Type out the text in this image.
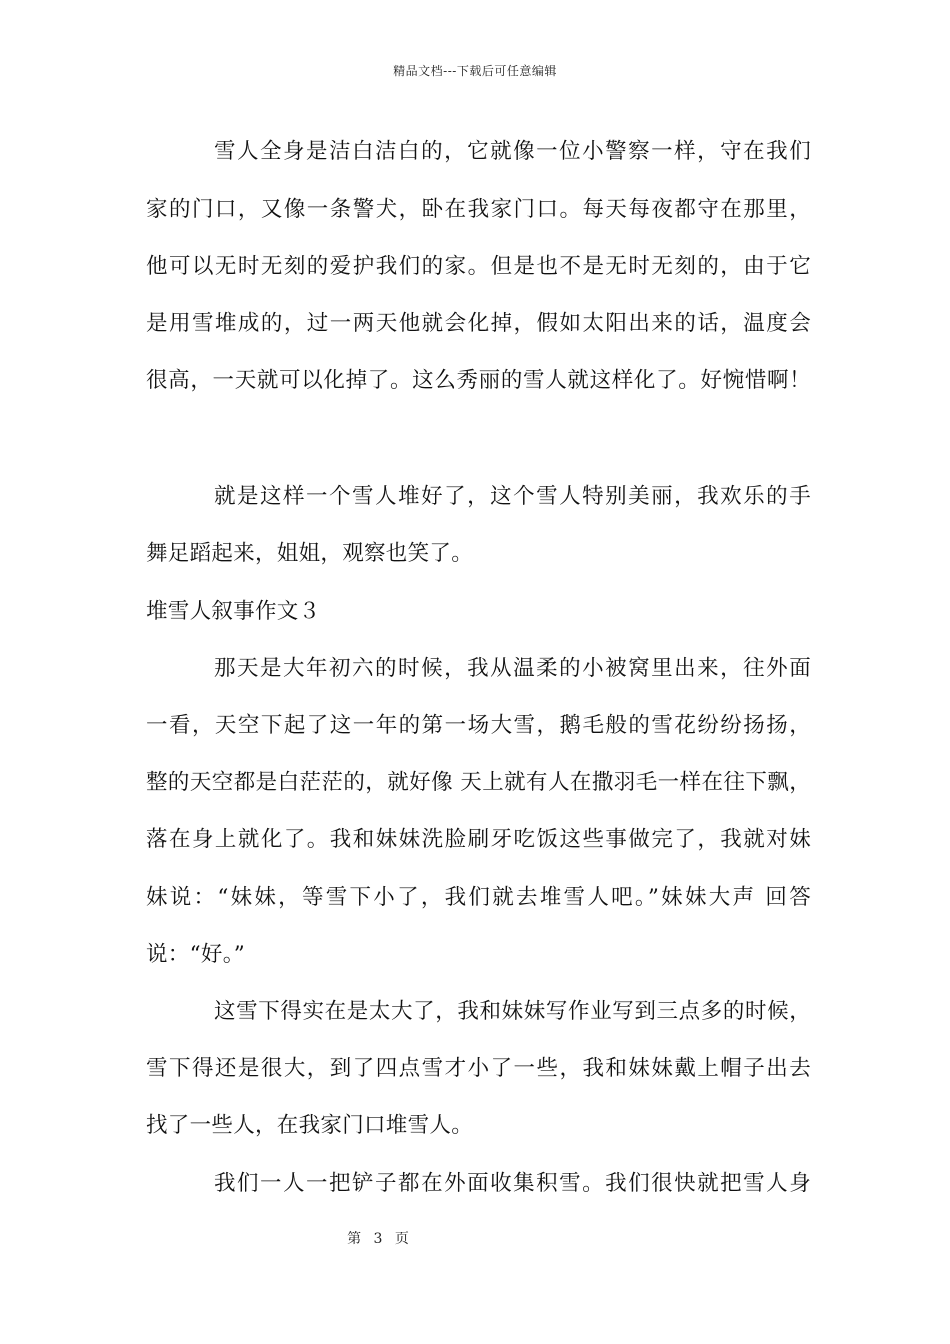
精品文档---下载后可任意编辑
雪人全身是洁白洁白的，它就像一位小警察一样，守在我们
家的门口，又像一条警犬，卧在我家门口。每天每夜都守在那里，
他可以无时无刻的爱护我们的家。但是也不是无时无刻的，由于它
是用雪堆成的，过一两天他就会化掉，假如太阳出来的话，温度会
很高，一天就可以化掉了。这么秀丽的雪人就这样化了。好惋惜啊！
就是这样一个雪人堆好了，这个雪人特别美丽，我欢乐的手
舞足蹈起来，姐姐，观察也笑了。
堆雪人叙事作文３
那天是大年初六的时候，我从温柔的小被窝里出来，往外面
一看，天空下起了这一年的第一场大雪，鹅毛般的雪花纷纷扬扬，
整的天空都是白茫茫的，就好像 天上就有人在撒羽毛一样在往下飘，
落在身上就化了。我和妹妹洗脸刷牙吃饭这些事做完了，我就对妹
妹说：“妹妹，等雪下小了，我们就去堆雪人吧。”妹妹大声 回答
说：“好。”
这雪下得实在是太大了，我和妹妹写作业写到三点多的时候，
雪下得还是很大，到了四点雪才小了一些，我和妹妹戴上帽子出去
找了一些人，在我家门口堆雪人。
我们一人一把铲子都在外面收集积雪。我们很快就把雪人身
第 3 页
